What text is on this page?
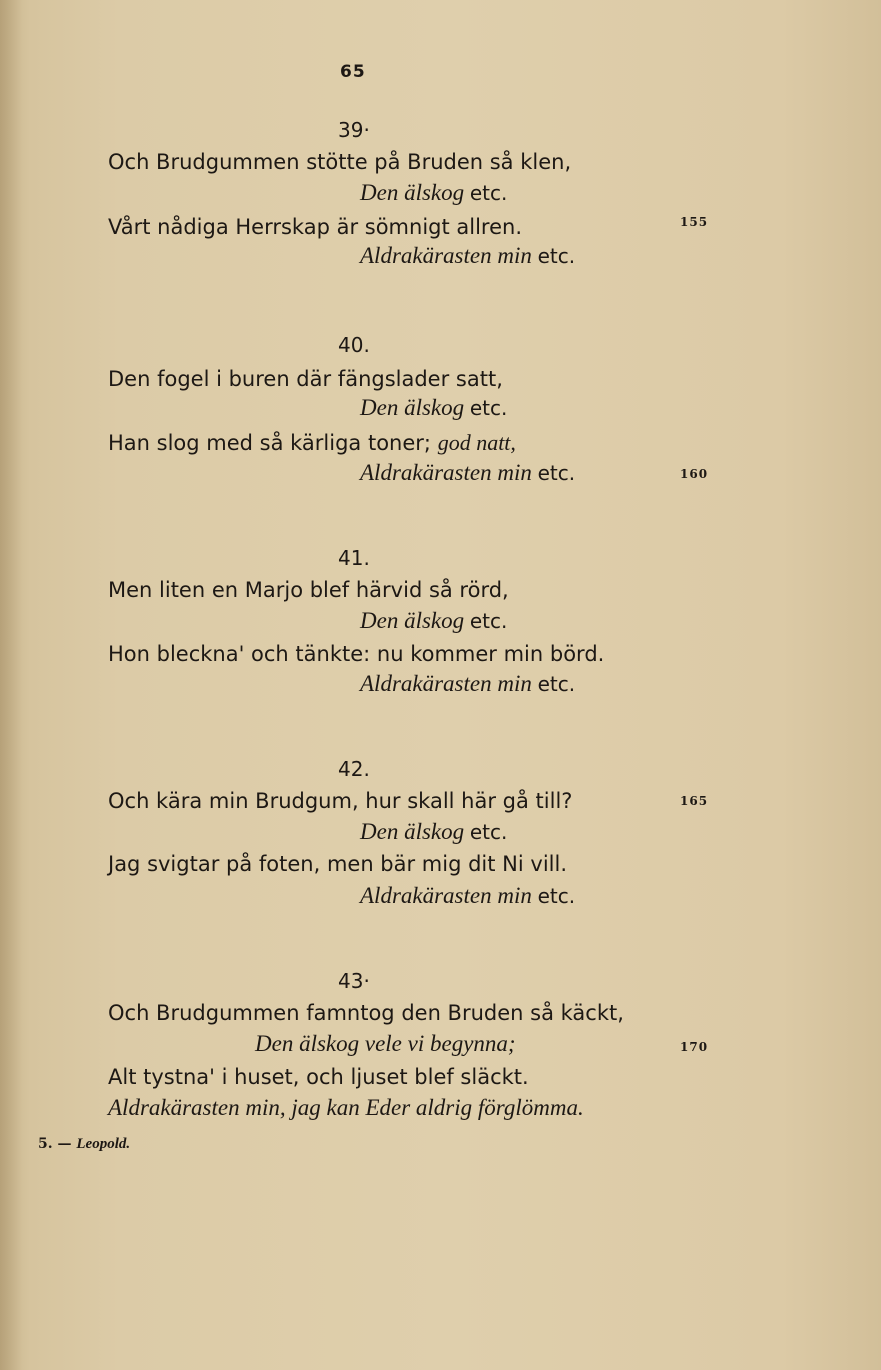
65
39·
Och Brudgummen stötte på Bruden så klen,
Den älskog etc.
Vårt nådiga Herrskap är sömnigt allren.
Aldrakärasten min etc.
40.
Den fogel i buren där fängslader satt,
Den älskog etc.
Han slog med så kärliga toner; god natt,
Aldrakärasten min etc.
41.
Men liten en Marjo blef härvid så rörd,
Den älskog etc.
Hon bleckna' och tänkte: nu kommer min börd.
Aldrakärasten min etc.
42.
Och kära min Brudgum, hur skall här gå till?
Den älskog etc.
Jag svigtar på foten, men bär mig dit Ni vill.
Aldrakärasten min etc.
43·
Och Brudgummen famntog den Bruden så käckt,
Den älskog vele vi begynna;
Alt tystna' i huset, och ljuset blef släckt.
Aldrakärasten min, jag kan Eder aldrig förglömma.
155
160
165
170
5. — Leopold.
